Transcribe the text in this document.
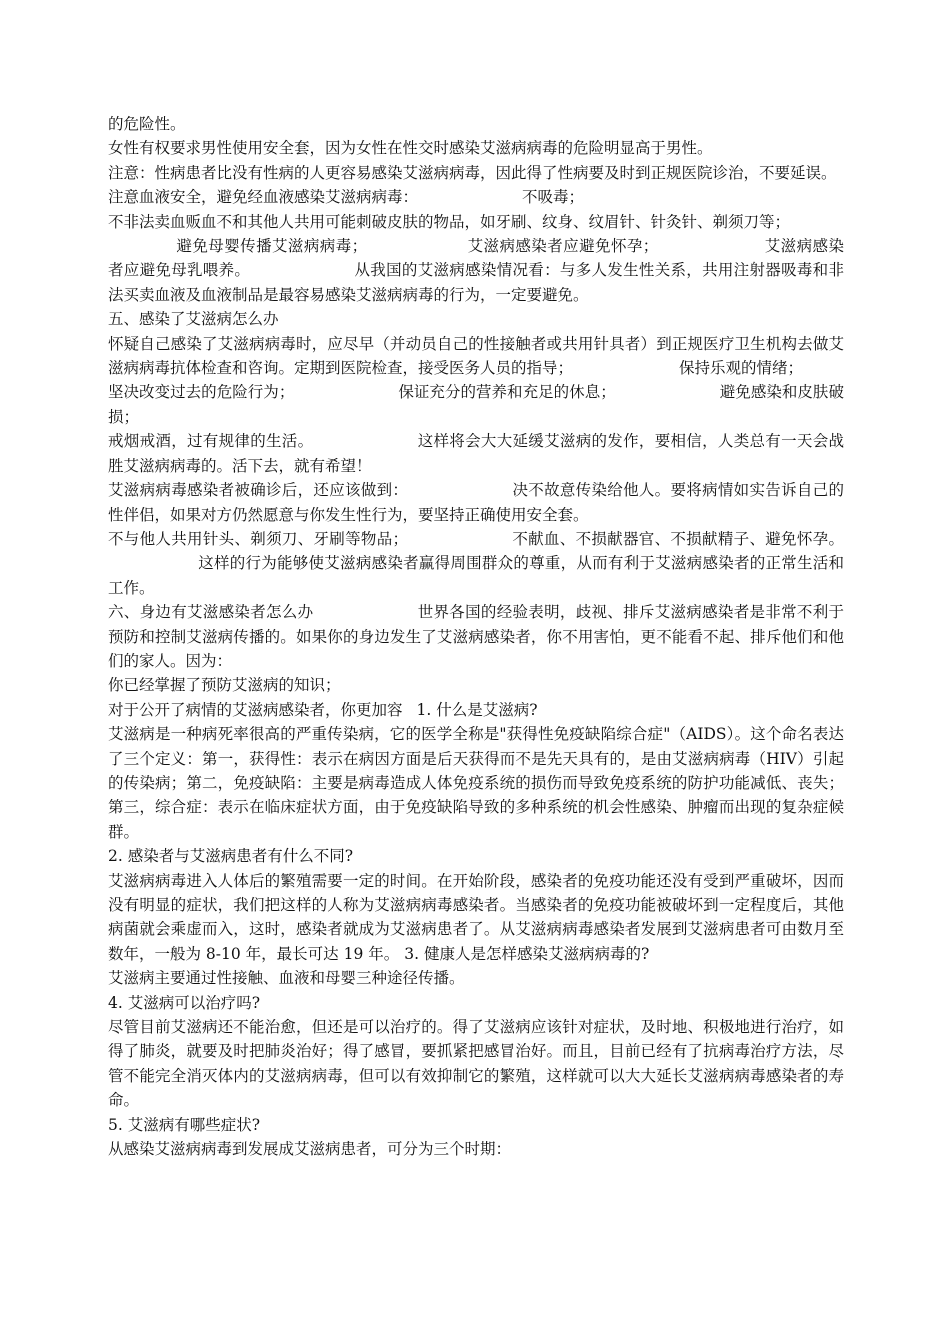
的危险性。

女性有权要求男性使用安全套，因为女性在性交时感染艾滋病病毒的危险明显高于男性。

注意：性病患者比没有性病的人更容易感染艾滋病病毒，因此得了性病要及时到正规医院诊治，不要延误。

注意血液安全，避免经血液感染艾滋病病毒：	不吸毒；

不非法卖血贩血不和其他人共用可能刺破皮肤的物品，如牙刷、纹身、纹眉针、针灸针、剃须刀等；

避免母婴传播艾滋病病毒；	艾滋病感染者应避免怀孕；	艾滋病感染者应避免母乳喂养。	从我国的艾滋病感染情况看：与多人发生性关系，共用注射器吸毒和非法买卖血液及血液制品是最容易感染艾滋病病毒的行为，一定要避免。

五、感染了艾滋病怎么办

怀疑自己感染了艾滋病病毒时，应尽早（并动员自己的性接触者或共用针具者）到正规医疗卫生机构去做艾滋病病毒抗体检查和咨询。定期到医院检查，接受医务人员的指导；	保持乐观的情绪；

坚决改变过去的危险行为；	保证充分的营养和充足的休息；	避免感染和皮肤破损；

戒烟戒酒，过有规律的生活。	这样将会大大延缓艾滋病的发作，要相信，人类总有一天会战胜艾滋病病毒的。活下去，就有希望！

艾滋病病毒感染者被确诊后，还应该做到：	决不故意传染给他人。要将病情如实告诉自己的性伴侣，如果对方仍然愿意与你发生性行为，要坚持正确使用安全套。

不与他人共用针头、剃须刀、牙刷等物品；	不献血、不损献器官、不损献精子、避免怀孕。这样的行为能够使艾滋病感染者赢得周围群众的尊重，从而有利于艾滋病感染者的正常生活和工作。

六、身边有艾滋感染者怎么办	世界各国的经验表明，歧视、排斥艾滋病感染者是非常不利于预防和控制艾滋病传播的。如果你的身边发生了艾滋病感染者，你不用害怕，更不能看不起、排斥他们和他们的家人。因为：

你已经掌握了预防艾滋病的知识；

对于公开了病情的艾滋病感染者，你更加容 1. 什么是艾滋病?

艾滋病是一种病死率很高的严重传染病，它的医学全称是"获得性免疫缺陷综合症"（AIDS）。这个命名表达了三个定义：第一，获得性：表示在病因方面是后天获得而不是先天具有的，是由艾滋病病毒（HIV）引起的传染病；第二，免疫缺陷：主要是病毒造成人体免疫系统的损伤而导致免疫系统的防护功能减低、丧失；第三，综合症：表示在临床症状方面，由于免疫缺陷导致的多种系统的机会性感染、肿瘤而出现的复杂症候群。

2. 感染者与艾滋病患者有什么不同?

艾滋病病毒进入人体后的繁殖需要一定的时间。在开始阶段，感染者的免疫功能还没有受到严重破坏，因而没有明显的症状，我们把这样的人称为艾滋病病毒感染者。当感染者的免疫功能被破坏到一定程度后，其他病菌就会乘虚而入，这时，感染者就成为艾滋病患者了。从艾滋病病毒感染者发展到艾滋病患者可由数月至数年，一般为 8-10 年，最长可达 19 年。 3. 健康人是怎样感染艾滋病病毒的?

艾滋病主要通过性接触、血液和母婴三种途径传播。

4. 艾滋病可以治疗吗?

尽管目前艾滋病还不能治愈，但还是可以治疗的。得了艾滋病应该针对症状，及时地、积极地进行治疗，如得了肺炎，就要及时把肺炎治好；得了感冒，要抓紧把感冒治好。而且，目前已经有了抗病毒治疗方法，尽管不能完全消灭体内的艾滋病病毒，但可以有效抑制它的繁殖，这样就可以大大延长艾滋病病毒感染者的寿命。

5. 艾滋病有哪些症状?

从感染艾滋病病毒到发展成艾滋病患者，可分为三个时期：
